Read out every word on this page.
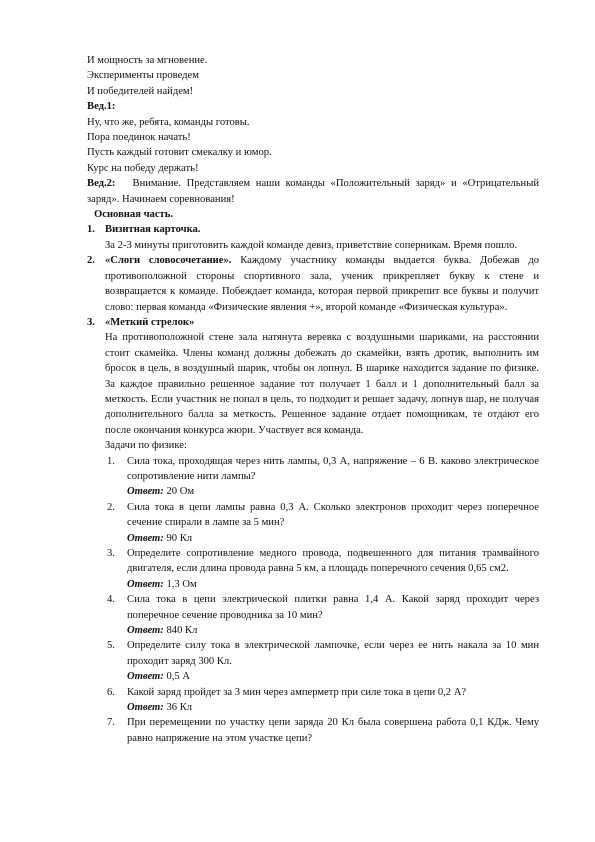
И мощность за мгновение.
Эксперименты проведем
И победителей найдем!
Вед.1:
Ну, что же, ребята, команды готовы.
Пора поединок начать!
Пусть каждый готовит смекалку и юмор.
Курс на победу держать!
Вед.2: Внимание. Представляем наши команды «Положительный заряд» и «Отрицательный заряд». Начинаем соревнования!
Основная часть.
1. Визитная карточка.
За 2-3 минуты приготовить каждой команде девиз, приветствие соперникам. Время пошло.
2. «Слоги словосочетание». Каждому участнику команды выдается буква. Добежав до противоположной стороны спортивного зала, ученик прикрепляет букву к стене и возвращается к команде. Побеждает команда, которая первой прикрепит все буквы и получит слово: первая команда «Физические явления +», второй команде «Физическая культура».
3. «Меткий стрелок»
На противоположной стене зала натянута веревка с воздушными шариками, на расстоянии стоит скамейка. Члены команд должны добежать до скамейки, взять дротик, выполнить им бросок в цель, в воздушный шарик, чтобы он лопнул. В шарике находится задание по физике. За каждое правильно решенное задание тот получает 1 балл и 1 дополнительный балл за меткость. Если участник не попал в цель, то подходит и решает задачу, лопнув шар, не получая дополнительного балла за меткость. Решенное задание отдает помощникам, те отдают его после окончания конкурса жюри. Участвует вся команда.
Задачи по физике:
1. Сила тока, проходящая через нить лампы, 0,3 А, напряжение – 6 В. каково электрическое сопротивление нити лампы?
Ответ: 20 Ом
2. Сила тока в цепи лампы равна 0,3 А. Сколько электронов проходит через поперечное сечение спирали в лампе за 5 мин?
Ответ: 90 Кл
3. Определите сопротивление медного провода, подвешенного для питания трамвайного двигателя, если длина провода равна 5 км, а площадь поперечного сечения 0,65 см2.
Ответ: 1,3 Ом
4. Сила тока в цепи электрической плитки равна 1,4 А. Какой заряд проходит через поперечное сечение проводника за 10 мин?
Ответ: 840 Кл
5. Определите силу тока в электрической лампочке, если через ее нить накала за 10 мин проходит заряд 300 Кл.
Ответ: 0,5 А
6. Какой заряд пройдет за 3 мин через амперметр при силе тока в цепи 0,2 А?
Ответ: 36 Кл
7. При перемещении по участку цепи заряда 20 Кл была совершена работа 0,1 КДж. Чему равно напряжение на этом участке цепи?
